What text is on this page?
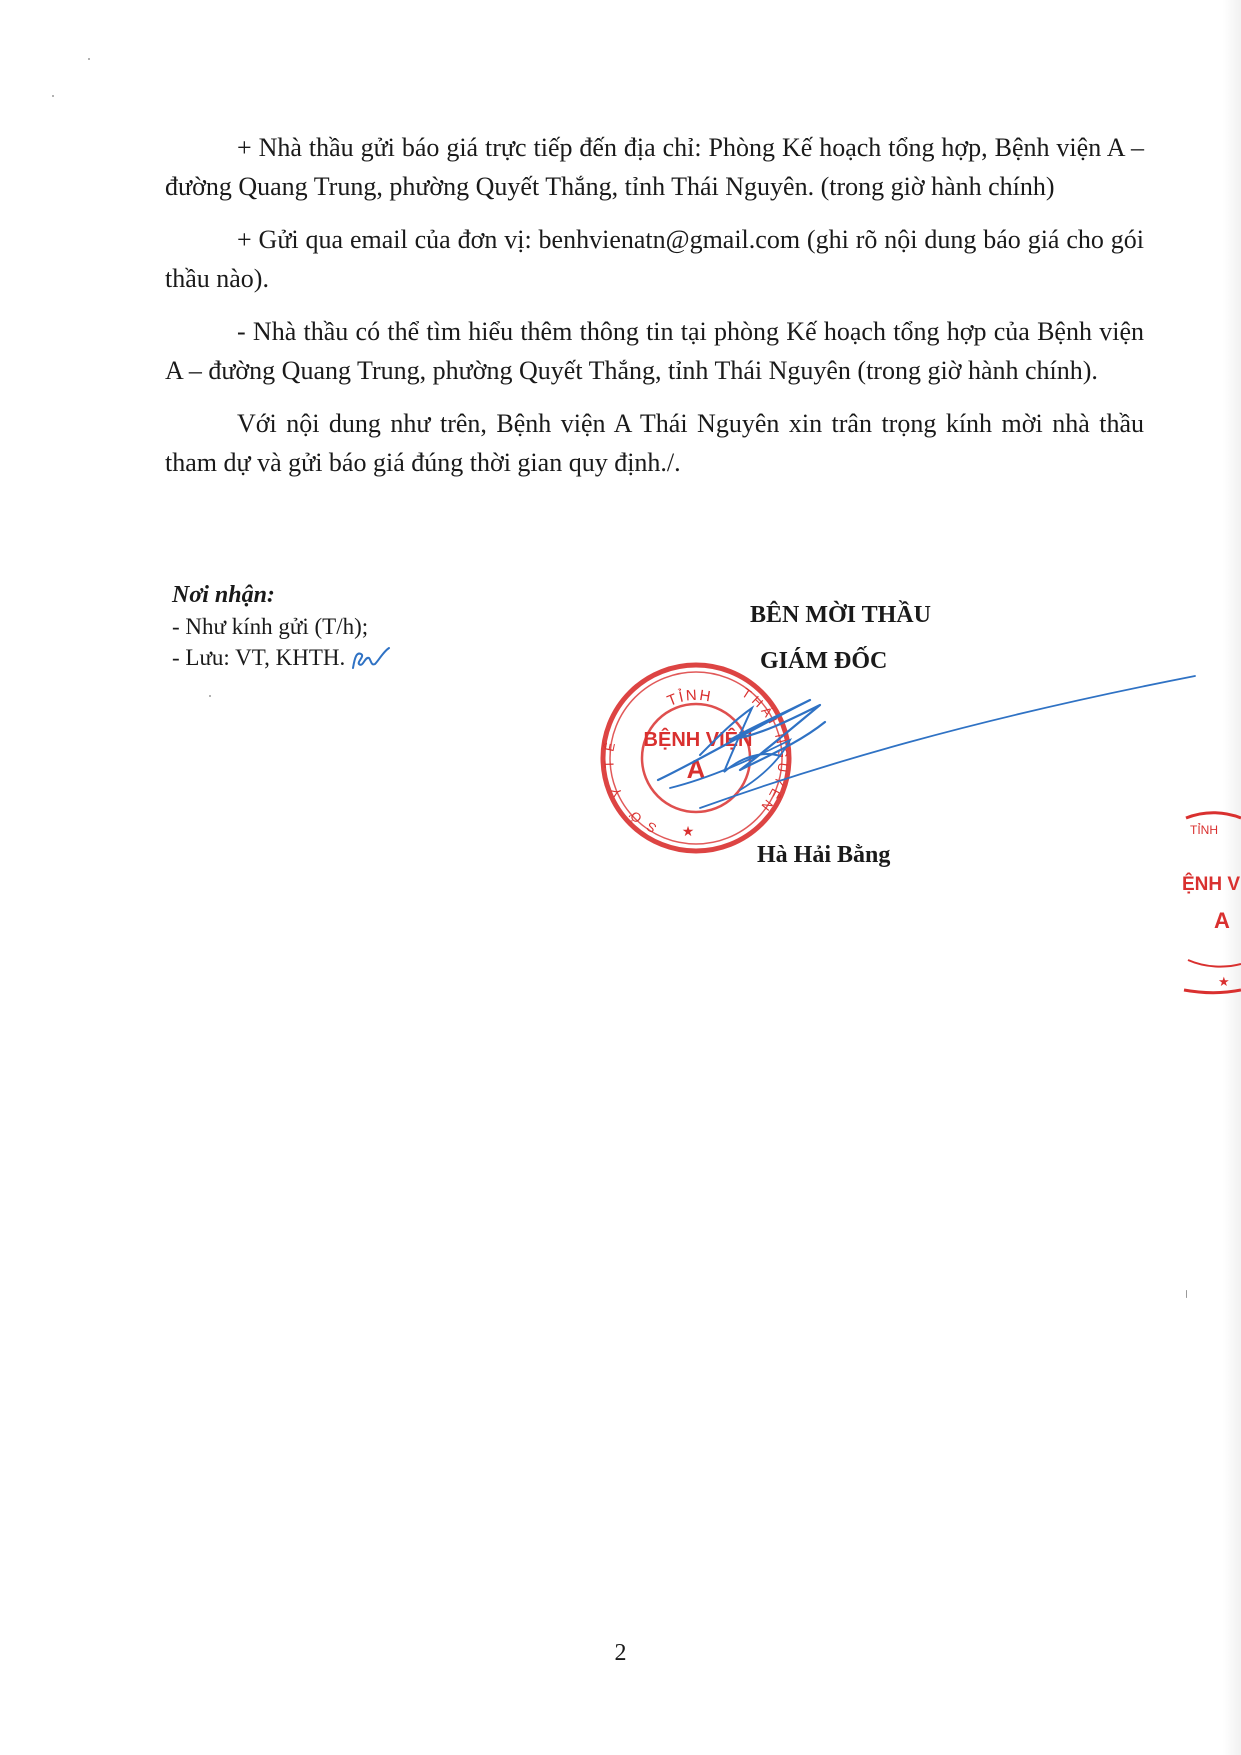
+ Nhà thầu gửi báo giá trực tiếp đến địa chỉ: Phòng Kế hoạch tổng hợp, Bệnh viện A – đường Quang Trung, phường Quyết Thắng, tỉnh Thái Nguyên. (trong giờ hành chính)

+ Gửi qua email của đơn vị: benhvienatn@gmail.com (ghi rõ nội dung báo giá cho gói thầu nào).

- Nhà thầu có thể tìm hiểu thêm thông tin tại phòng Kế hoạch tổng hợp của Bệnh viện A – đường Quang Trung, phường Quyết Thắng, tỉnh Thái Nguyên (trong giờ hành chính).

Với nội dung như trên, Bệnh viện A Thái Nguyên xin trân trọng kính mời nhà thầu tham dự và gửi báo giá đúng thời gian quy định./.

Nơi nhận:
- Như kính gửi (T/h);
- Lưu: VT, KHTH.
TỈNH
SỞ Y TẾ
THÁI NGUYÊN
BỆNH VIỆN
A
★
BÊN MỜI THẦU
GIÁM ĐỐC
Hà Hải Bằng
TỈNH
ỆNH V
A
★
2
